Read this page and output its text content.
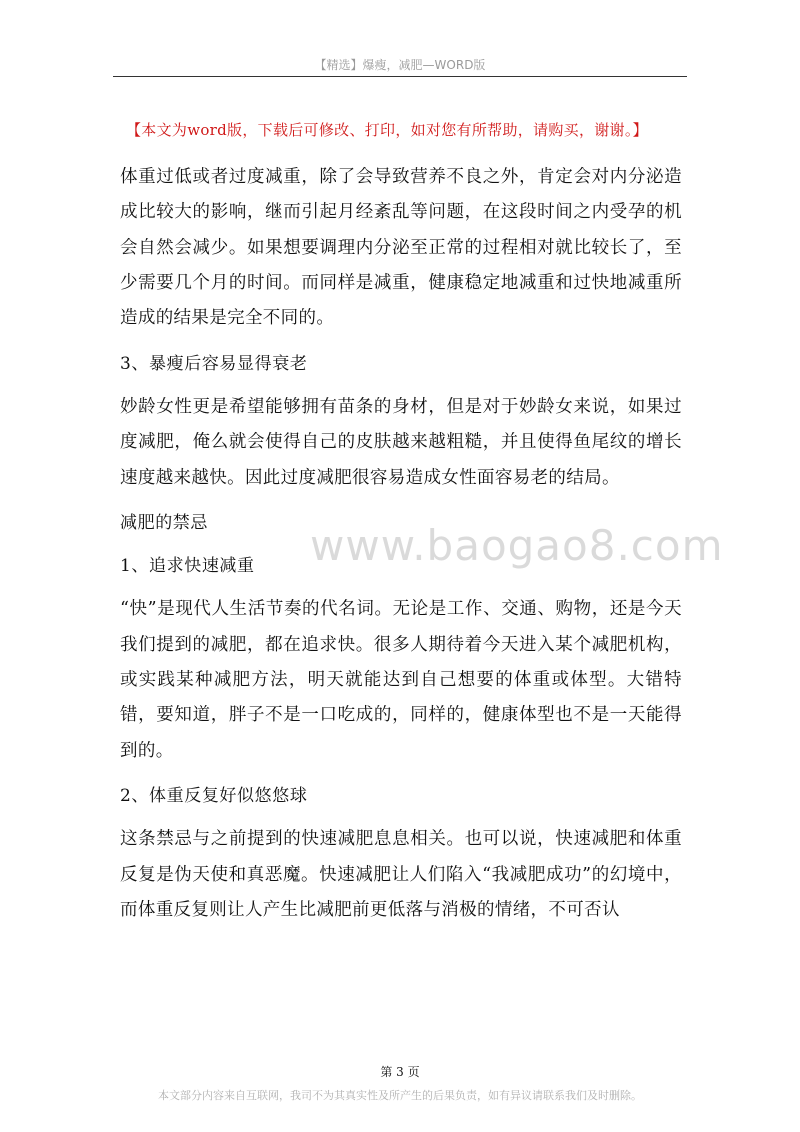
【精选】爆瘦，减肥—WORD版
【本文为word版，下载后可修改、打印，如对您有所帮助，请购买，谢谢。】
www.baogao8.com

体重过低或者过度减重，除了会导致营养不良之外，肯定会对内分泌造成比较大的影响，继而引起月经紊乱等问题，在这段时间之内受孕的机会自然会减少。如果想要调理内分泌至正常的过程相对就比较长了，至少需要几个月的时间。而同样是减重，健康稳定地减重和过快地减重所造成的结果是完全不同的。

3、暴瘦后容易显得衰老

妙龄女性更是希望能够拥有苗条的身材，但是对于妙龄女来说，如果过度减肥，俺么就会使得自己的皮肤越来越粗糙，并且使得鱼尾纹的增长速度越来越快。因此过度减肥很容易造成女性面容易老的结局。

减肥的禁忌

1、追求快速减重

“快”是现代人生活节奏的代名词。无论是工作、交通、购物，还是今天我们提到的减肥，都在追求快。很多人期待着今天进入某个减肥机构，或实践某种减肥方法，明天就能达到自己想要的体重或体型。大错特错，要知道，胖子不是一口吃成的，同样的，健康体型也不是一天能得到的。

2、体重反复好似悠悠球

这条禁忌与之前提到的快速减肥息息相关。也可以说，快速减肥和体重反复是伪天使和真恶魔。快速减肥让人们陷入“我减肥成功”的幻境中，而体重反复则让人产生比减肥前更低落与消极的情绪，不可否认

第 3 页
本文部分内容来自互联网，我司不为其真实性及所产生的后果负责，如有异议请联系我们及时删除。
